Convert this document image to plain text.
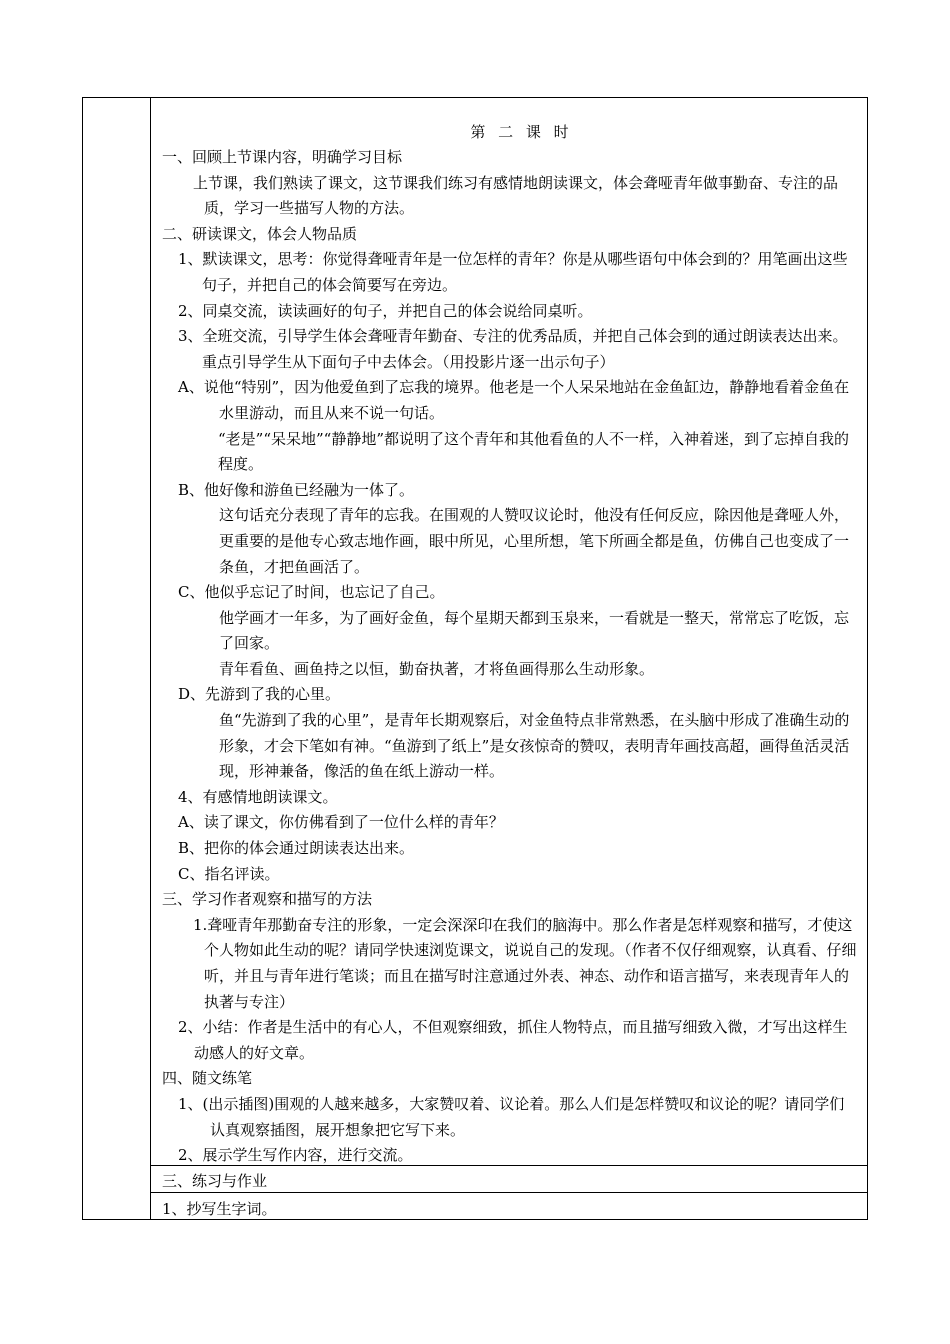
第 二 课 时

一、回顾上节课内容，明确学习目标

上节课，我们熟读了课文，这节课我们练习有感情地朗读课文，体会聋哑青年做事勤奋、专注的品质，学习一些描写人物的方法。

二、研读课文，体会人物品质

1、默读课文，思考：你觉得聋哑青年是一位怎样的青年？你是从哪些语句中体会到的？用笔画出这些句子，并把自己的体会简要写在旁边。

2、同桌交流，读读画好的句子，并把自己的体会说给同桌听。

3、全班交流，引导学生体会聋哑青年勤奋、专注的优秀品质，并把自己体会到的通过朗读表达出来。

重点引导学生从下面句子中去体会。（用投影片逐一出示句子）

A、说他“特别”，因为他爱鱼到了忘我的境界。他老是一个人呆呆地站在金鱼缸边，静静地看着金鱼在水里游动，而且从来不说一句话。

“老是”“呆呆地”“静静地”都说明了这个青年和其他看鱼的人不一样，入神着迷，到了忘掉自我的程度。

B、他好像和游鱼已经融为一体了。

这句话充分表现了青年的忘我。在围观的人赞叹议论时，他没有任何反应，除因他是聋哑人外，更重要的是他专心致志地作画，眼中所见，心里所想，笔下所画全都是鱼，仿佛自己也变成了一条鱼，才把鱼画活了。

C、他似乎忘记了时间，也忘记了自己。

他学画才一年多，为了画好金鱼，每个星期天都到玉泉来，一看就是一整天，常常忘了吃饭，忘了回家。

青年看鱼、画鱼持之以恒，勤奋执著，才将鱼画得那么生动形象。

D、先游到了我的心里。

鱼“先游到了我的心里”，是青年长期观察后，对金鱼特点非常熟悉，在头脑中形成了准确生动的形象，才会下笔如有神。“鱼游到了纸上”是女孩惊奇的赞叹，表明青年画技高超，画得鱼活灵活现，形神兼备，像活的鱼在纸上游动一样。

4、有感情地朗读课文。

A、读了课文，你仿佛看到了一位什么样的青年？

B、把你的体会通过朗读表达出来。

C、指名评读。

三、学习作者观察和描写的方法

1.聋哑青年那勤奋专注的形象，一定会深深印在我们的脑海中。那么作者是怎样观察和描写，才使这个人物如此生动的呢？请同学快速浏览课文，说说自己的发现。（作者不仅仔细观察，认真看、仔细听，并且与青年进行笔谈；而且在描写时注意通过外表、神态、动作和语言描写，来表现青年人的执著与专注）

2、小结：作者是生活中的有心人，不但观察细致，抓住人物特点，而且描写细致入微，才写出这样生动感人的好文章。

四、随文练笔

1、(出示插图)围观的人越来越多，大家赞叹着、议论着。那么人们是怎样赞叹和议论的呢？请同学们认真观察插图，展开想象把它写下来。

2、展示学生写作内容，进行交流。

三、练习与作业

1、抄写生字词。
